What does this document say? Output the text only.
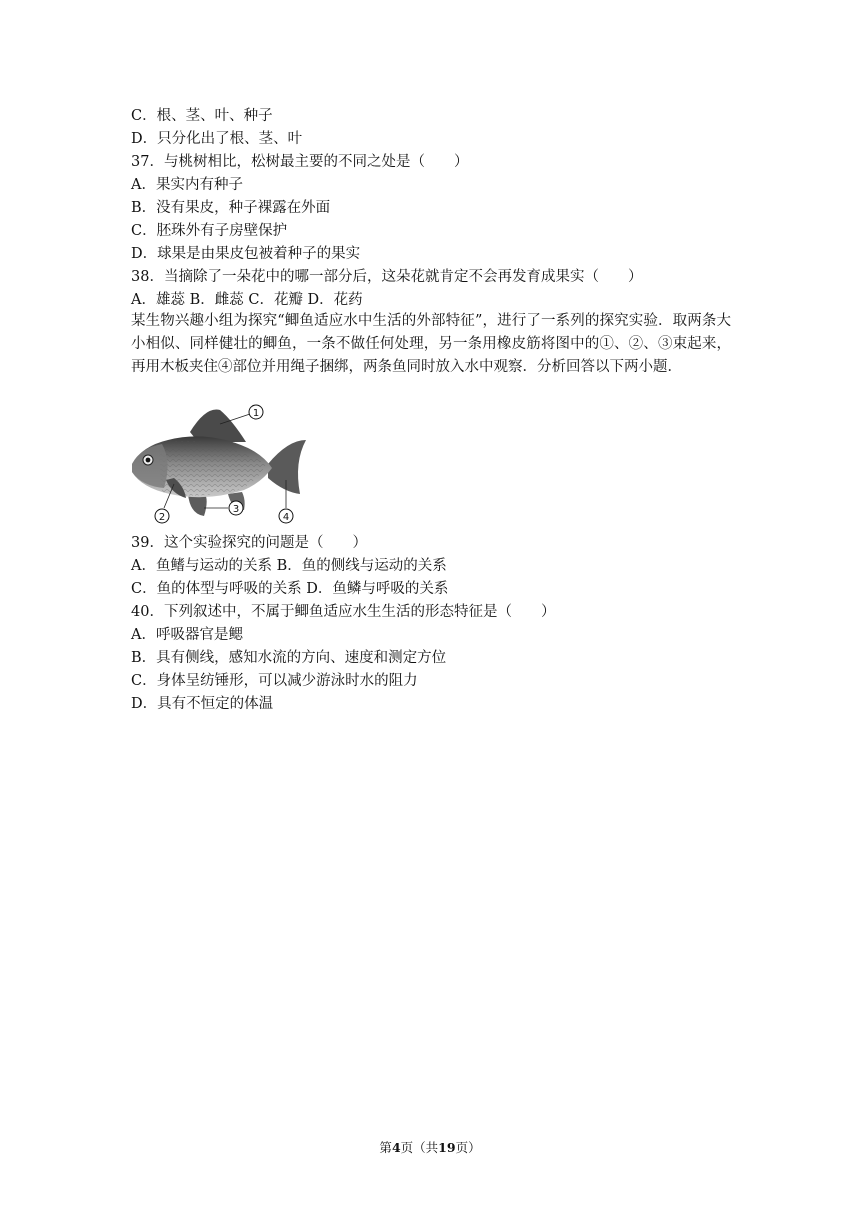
C．根、茎、叶、种子
D．只分化出了根、茎、叶
37．与桃树相比，松树最主要的不同之处是（　　）
A．果实内有种子
B．没有果皮，种子裸露在外面
C．胚珠外有子房壁保护
D．球果是由果皮包被着种子的果实
38．当摘除了一朵花中的哪一部分后，这朵花就肯定不会再发育成果实（　　）
A．雄蕊 B．雌蕊 C．花瓣 D．花药
某生物兴趣小组为探究“鲫鱼适应水中生活的外部特征”，进行了一系列的探究实验．取两条大小相似、同样健壮的鲫鱼，一条不做任何处理，另一条用橡皮筋将图中的①、②、③束起来，再用木板夹住④部位并用绳子捆绑，两条鱼同时放入水中观察．分析回答以下两小题．
1
2
3
4
39．这个实验探究的问题是（　　）
A．鱼鳍与运动的关系 B．鱼的侧线与运动的关系
C．鱼的体型与呼吸的关系 D．鱼鳞与呼吸的关系
40．下列叙述中，不属于鲫鱼适应水生生活的形态特征是（　　）
A．呼吸器官是鳃
B．具有侧线，感知水流的方向、速度和测定方位
C．身体呈纺锤形，可以减少游泳时水的阻力
D．具有不恒定的体温
第4页（共19页）
